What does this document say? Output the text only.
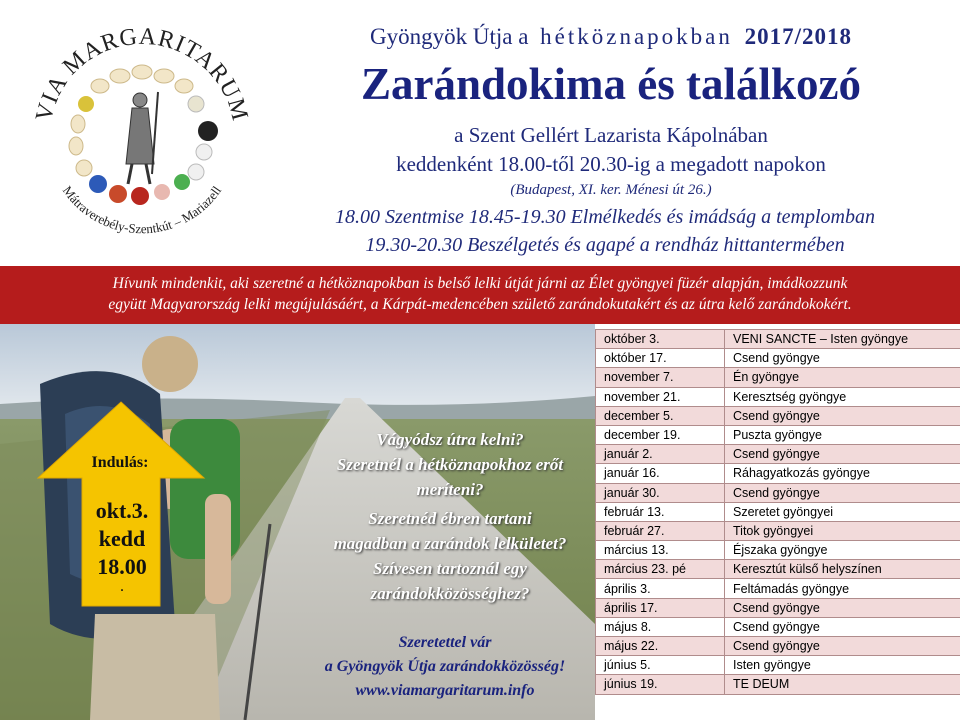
VIA MARGARITARUM
Mátraverebély-Szentkút – Mariazell
Gyöngyök Útja a hétköznapokban 2017/2018
Zarándokima és találkozó
a Szent Gellért Lazarista Kápolnában
keddenként 18.00-től 20.30-ig a megadott napokon
(Budapest, XI. ker. Ménesi út 26.)
18.00 Szentmise 18.45-19.30 Elmélkedés és imádság a templomban
19.30-20.30 Beszélgetés és agapé a rendház hittantermében
Hívunk mindenkit, aki szeretné a hétköznapokban is belső lelki útját járni az Élet gyöngyei füzér alapján, imádkozzunk
együtt Magyarország lelki megújulásáért, a Kárpát-medencében születő zarándokutakért és az útra kelő zarándokokért.
Indulás:
okt.3.
kedd
18.00
.
Vágyódsz útra kelni?
Szeretnél a hétköznapokhoz erőt
meríteni?
Szeretnéd ébren tartani
magadban a zarándok lelkületet?
Szívesen tartoznál egy
zarándokközösséghez?
Szeretettel vár
a Gyöngyök Útja zarándokközösség!
www.viamargaritarum.info
október 3.	VENI SANCTE – Isten gyöngye
október 17.	Csend gyöngye
november 7.	Én gyöngye
november 21.	Keresztség gyöngye
december 5.	Csend gyöngye
december 19.	Puszta gyöngye
január 2.	Csend gyöngye
január 16.	Ráhagyatkozás gyöngye
január 30.	Csend gyöngye
február 13.	Szeretet gyöngyei
február 27.	Titok gyöngyei
március 13.	Éjszaka gyöngye
március 23. pé	Keresztút külső helyszínen
április 3.	Feltámadás gyöngye
április 17.	Csend gyöngye
május 8.	Csend gyöngye
május 22.	Csend gyöngye
június 5.	Isten gyöngye
június 19.	TE DEUM
